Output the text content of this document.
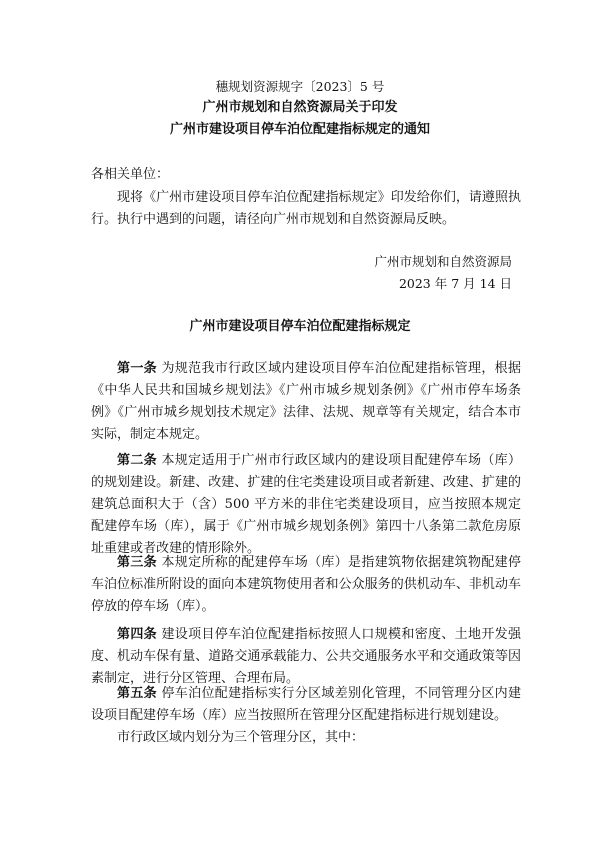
穗规划资源规字〔2023〕5 号
广州市规划和自然资源局关于印发
广州市建设项目停车泊位配建指标规定的通知
各相关单位：
现将《广州市建设项目停车泊位配建指标规定》印发给你们，请遵照执行。执行中遇到的问题，请径向广州市规划和自然资源局反映。
广州市规划和自然资源局
2023 年 7 月 14 日
广州市建设项目停车泊位配建指标规定
第一条 为规范我市行政区域内建设项目停车泊位配建指标管理，根据《中华人民共和国城乡规划法》《广州市城乡规划条例》《广州市停车场条例》《广州市城乡规划技术规定》法律、法规、规章等有关规定，结合本市实际，制定本规定。
第二条 本规定适用于广州市行政区域内的建设项目配建停车场（库）的规划建设。新建、改建、扩建的住宅类建设项目或者新建、改建、扩建的建筑总面积大于（含）500 平方米的非住宅类建设项目，应当按照本规定配建停车场（库），属于《广州市城乡规划条例》第四十八条第二款危房原址重建或者改建的情形除外。
第三条 本规定所称的配建停车场（库）是指建筑物依据建筑物配建停车泊位标准所附设的面向本建筑物使用者和公众服务的供机动车、非机动车停放的停车场（库）。
第四条 建设项目停车泊位配建指标按照人口规模和密度、土地开发强度、机动车保有量、道路交通承载能力、公共交通服务水平和交通政策等因素制定，进行分区管理、合理布局。
第五条 停车泊位配建指标实行分区域差别化管理，不同管理分区内建设项目配建停车场（库）应当按照所在管理分区配建指标进行规划建设。
市行政区域内划分为三个管理分区，其中：
